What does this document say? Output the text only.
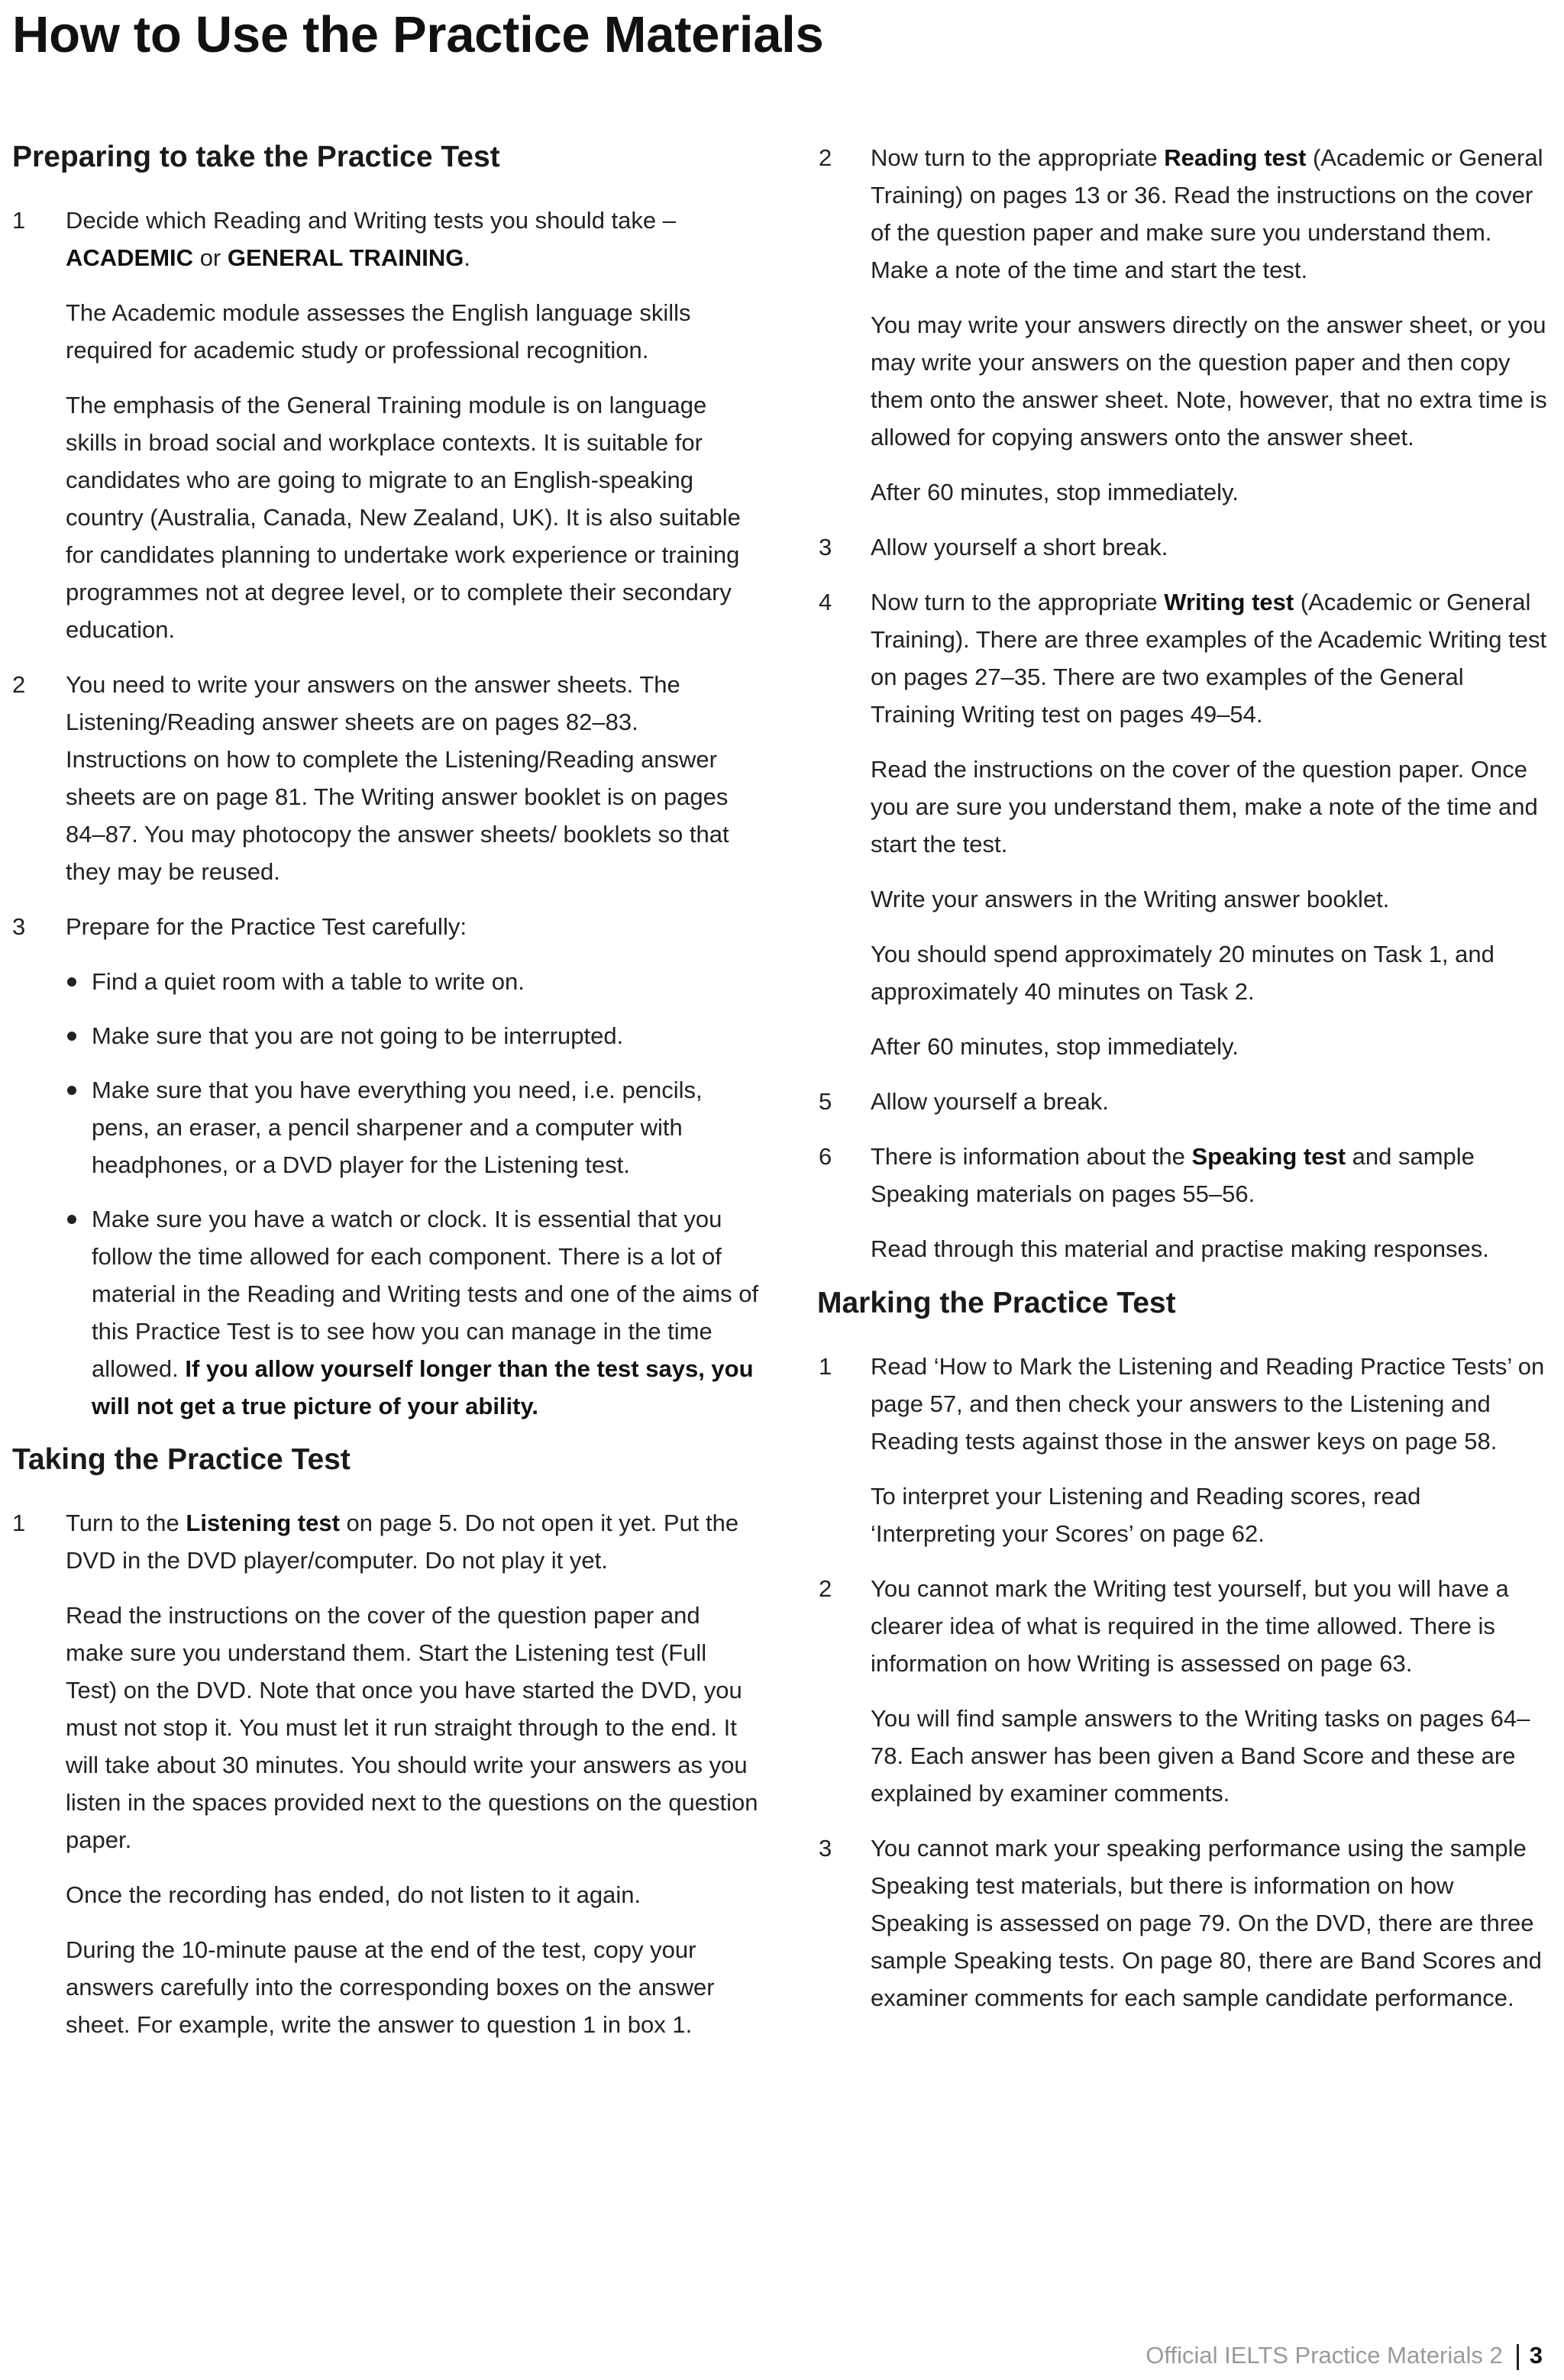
How to Use the Practice Materials
Preparing to take the Practice Test
1 Decide which Reading and Writing tests you should take –
ACADEMIC or GENERAL TRAINING.

The Academic module assesses the English language skills required for academic study or professional recognition.

The emphasis of the General Training module is on language skills in broad social and workplace contexts. It is suitable for candidates who are going to migrate to an English-speaking country (Australia, Canada, New Zealand, UK). It is also suitable for candidates planning to undertake work experience or training programmes not at degree level, or to complete their secondary education.

2 You need to write your answers on the answer sheets. The Listening/Reading answer sheets are on pages 82–83. Instructions on how to complete the Listening/Reading answer sheets are on page 81. The Writing answer booklet is on pages 84–87. You may photocopy the answer sheets/ booklets so that they may be reused.

3 Prepare for the Practice Test carefully:

Find a quiet room with a table to write on.
Make sure that you are not going to be interrupted.
Make sure that you have everything you need, i.e. pencils, pens, an eraser, a pencil sharpener and a computer with headphones, or a DVD player for the Listening test.
Make sure you have a watch or clock. It is essential that you follow the time allowed for each component. There is a lot of material in the Reading and Writing tests and one of the aims of this Practice Test is to see how you can manage in the time allowed. If you allow yourself longer than the test says, you will not get a true picture of your ability.
Taking the Practice Test
1 Turn to the Listening test on page 5. Do not open it yet. Put the DVD in the DVD player/computer. Do not play it yet.

Read the instructions on the cover of the question paper and make sure you understand them. Start the Listening test (Full Test) on the DVD. Note that once you have started the DVD, you must not stop it. You must let it run straight through to the end. It will take about 30 minutes. You should write your answers as you listen in the spaces provided next to the questions on the question paper.

Once the recording has ended, do not listen to it again.

During the 10-minute pause at the end of the test, copy your answers carefully into the corresponding boxes on the answer sheet. For example, write the answer to question 1 in box 1.

2 Now turn to the appropriate Reading test (Academic or General Training) on pages 13 or 36. Read the instructions on the cover of the question paper and make sure you understand them. Make a note of the time and start the test.

You may write your answers directly on the answer sheet, or you may write your answers on the question paper and then copy them onto the answer sheet. Note, however, that no extra time is allowed for copying answers onto the answer sheet.

After 60 minutes, stop immediately.

3 Allow yourself a short break.

4 Now turn to the appropriate Writing test (Academic or General Training). There are three examples of the Academic Writing test on pages 27–35. There are two examples of the General Training Writing test on pages 49–54.

Read the instructions on the cover of the question paper. Once you are sure you understand them, make a note of the time and start the test.

Write your answers in the Writing answer booklet.

You should spend approximately 20 minutes on Task 1, and approximately 40 minutes on Task 2.

After 60 minutes, stop immediately.

5 Allow yourself a break.

6 There is information about the Speaking test and sample Speaking materials on pages 55–56.

Read through this material and practise making responses.

Marking the Practice Test
1 Read ‘How to Mark the Listening and Reading Practice Tests’ on page 57, and then check your answers to the Listening and Reading tests against those in the answer keys on page 58.

To interpret your Listening and Reading scores, read ‘Interpreting your Scores’ on page 62.

2 You cannot mark the Writing test yourself, but you will have a clearer idea of what is required in the time allowed. There is information on how Writing is assessed on page 63.

You will find sample answers to the Writing tasks on pages 64–78. Each answer has been given a Band Score and these are explained by examiner comments.

3 You cannot mark your speaking performance using the sample Speaking test materials, but there is information on how Speaking is assessed on page 79. On the DVD, there are three sample Speaking tests. On page 80, there are Band Scores and examiner comments for each sample candidate performance.

Official IELTS Practice Materials 2 3
